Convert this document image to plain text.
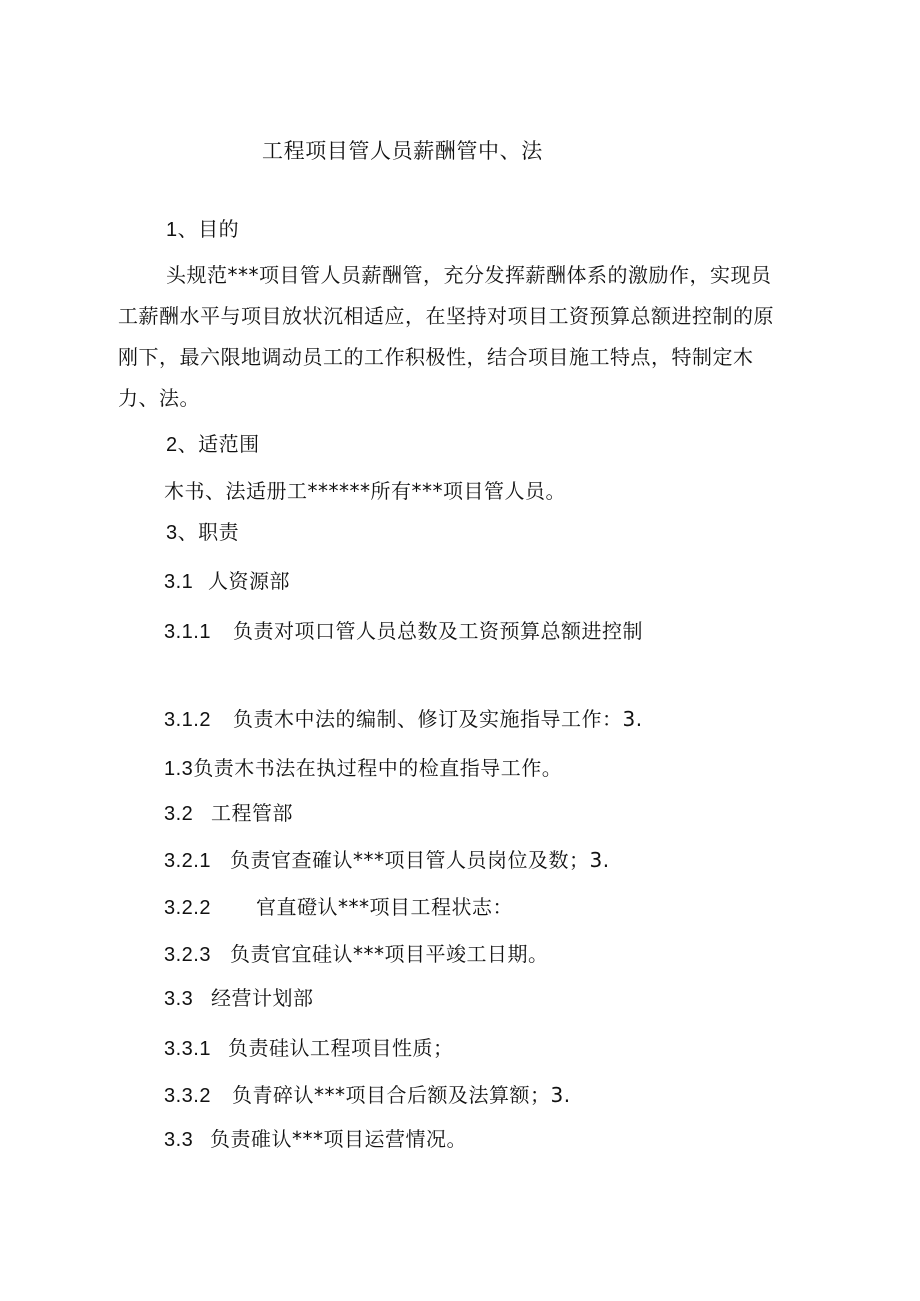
工程项目管人员薪酬管中、法
1、目的
头规范***项目管人员薪酬管，充分发挥薪酬体系的激励作，实现员
工薪酬水平与项目放状沉相适应，在坚持对项目工资预算总额进控制的原
刚下，最六限地调动员工的工作积极性，结合项目施工特点，特制定木
力、法。
2、适范围
木书、法适册工******所有***项目管人员。
3、职责
3.1 人资源部
3.1.1 负责对项口管人员总数及工资预算总额进控制
3.1.2 负责木中法的编制、修订及实施指导工作：3.
1.3负责木书法在执过程中的检直指导工作。
3.2 工程管部
3.2.1 负责官查確认***项目管人员岗位及数；3.
3.2.2 官直磴认***项目工程状志：
3.2.3 负责官宜硅认***项目平竣工日期。
3.3 经营计划部
3.3.1 负责硅认工程项目性质；
3.3.2 负青碎认***项目合后额及法算额；3.
3.3 负责碓认***项目运营情况。
